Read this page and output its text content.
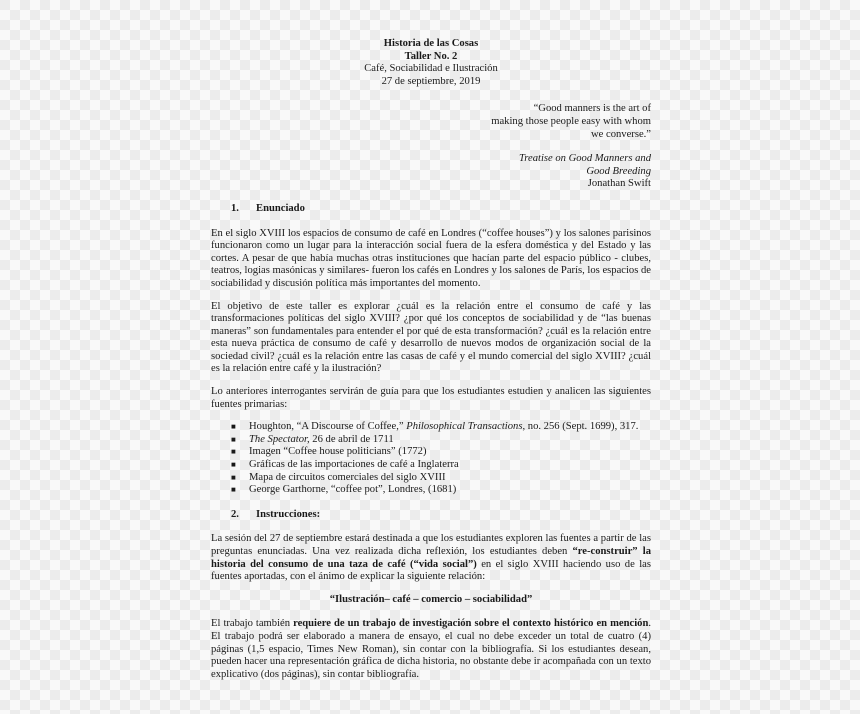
Historia de las Cosas
Taller No. 2
Café, Sociabilidad e Ilustración
27 de septiembre, 2019
“Good manners is the art of
making those people easy with whom
we converse.”
Treatise on Good Manners and
Good Breeding
Jonathan Swift
1. Enunciado

En el siglo XVIII los espacios de consumo de café en Londres (“coffee houses”) y los salones parisinos funcionaron como un lugar para la interacción social fuera de la esfera doméstica y del Estado y las cortes. A pesar de que había muchas otras instituciones que hacían parte del espacio público - clubes, teatros, logias masónicas y similares- fueron los cafés en Londres y los salones de París, los espacios de sociabilidad y discusión política más importantes del momento.

El objetivo de este taller es explorar ¿cuál es la relación entre el consumo de café y las transformaciones políticas del siglo XVIII? ¿por qué los conceptos de sociabilidad y de “las buenas maneras” son fundamentales para entender el por qué de esta transformación? ¿cuál es la relación entre esta nueva práctica de consumo de café y desarrollo de nuevos modos de organización social de la sociedad civil? ¿cuál es la relación entre las casas de café y el mundo comercial del siglo XVIII? ¿cuál es la relación entre café y la ilustración?

Lo anteriores interrogantes servirán de guía para que los estudiantes estudien y analicen las siguientes fuentes primarias:

■ Houghton, “A Discourse of Coffee,” Philosophical Transactions, no. 256 (Sept. 1699), 317.
■ The Spectator, 26 de abril de 1711
■ Imagen “Coffee house politicians” (1772)
■ Gráficas de las importaciones de café a Inglaterra
■ Mapa de circuitos comerciales del siglo XVIII
■ George Garthorne, “coffee pot”, Londres, (1681)
2. Instrucciones:

La sesión del 27 de septiembre estará destinada a que los estudiantes exploren las fuentes a partir de las preguntas enunciadas. Una vez realizada dicha reflexión, los estudiantes deben “re-construir” la historia del consumo de una taza de café (“vida social”) en el siglo XVIII haciendo uso de las fuentes aportadas, con el ánimo de explicar la siguiente relación:

“Ilustración– café – comercio – sociabilidad”

El trabajo también requiere de un trabajo de investigación sobre el contexto histórico en mención. El trabajo podrá ser elaborado a manera de ensayo, el cual no debe exceder un total de cuatro (4) páginas (1,5 espacio, Times New Roman), sin contar con la bibliografía. Si los estudiantes desean, pueden hacer una representación gráfica de dicha historia, no obstante debe ir acompañada con un texto explicativo (dos páginas), sin contar bibliografía.
